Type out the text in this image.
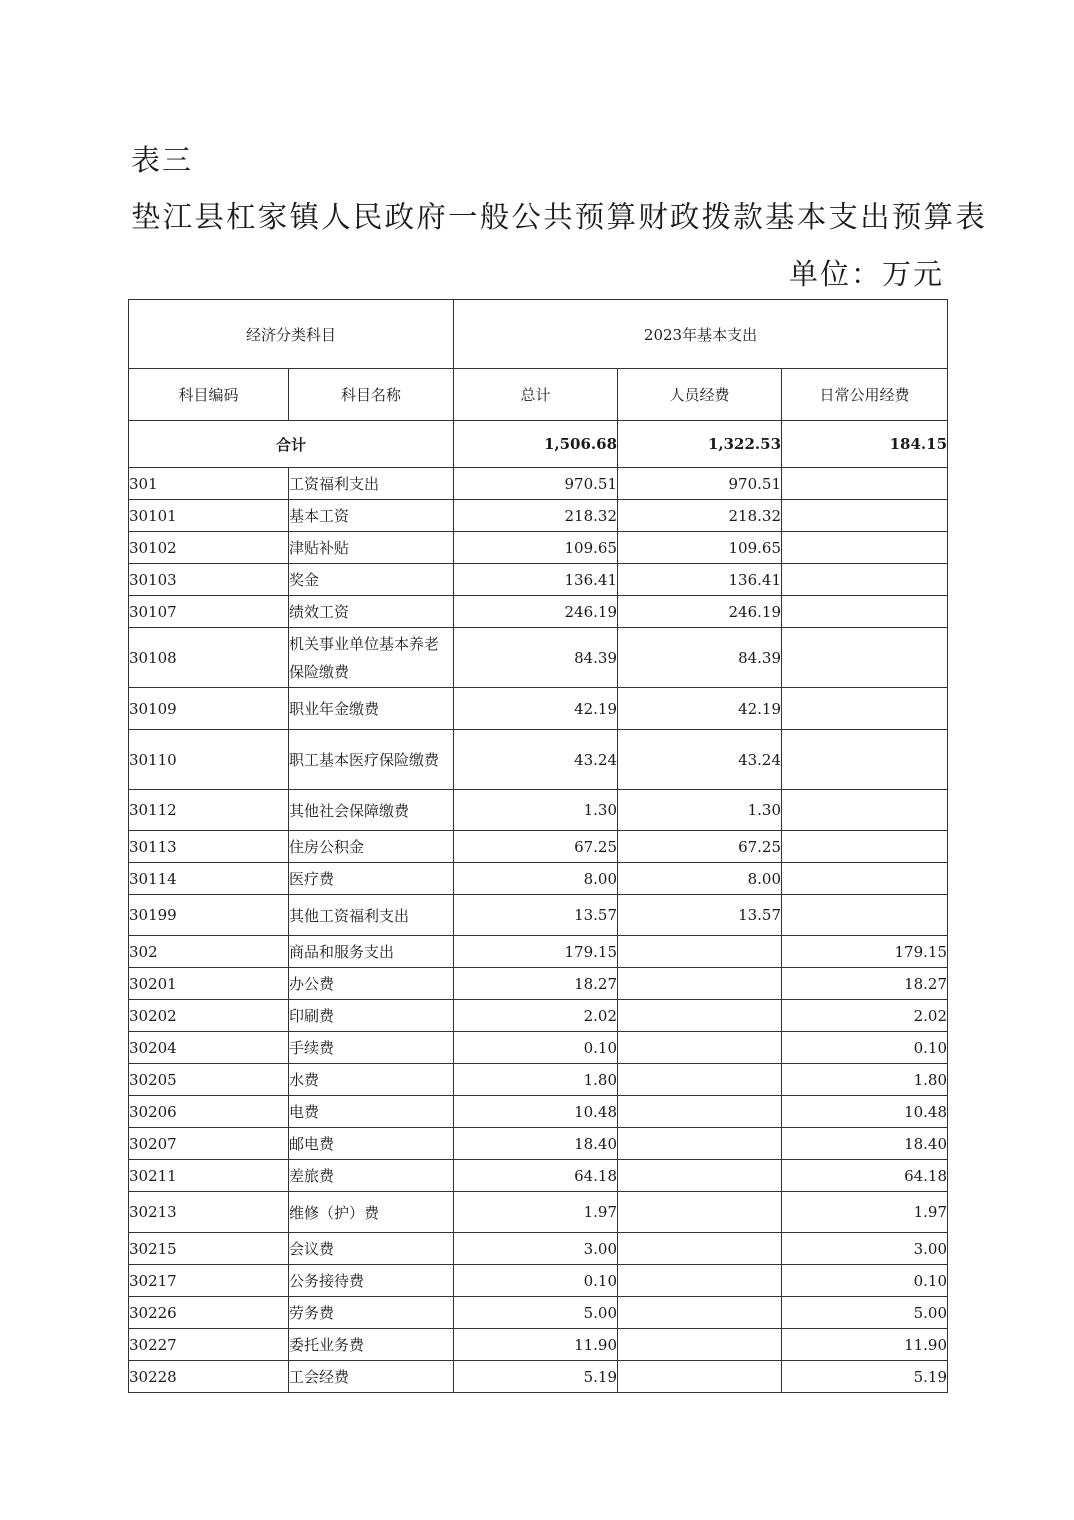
表三
垫江县杠家镇人民政府一般公共预算财政拨款基本支出预算表
单位：万元
经济分类科目		2023年基本支出		
科目编码	科目名称	总计	人员经费	日常公用经费
合计		1,506.68	1,322.53	184.15
301	工资福利支出	970.51	970.51	
30101	基本工资	218.32	218.32	
30102	津贴补贴	109.65	109.65	
30103	奖金	136.41	136.41	
30107	绩效工资	246.19	246.19	
30108	机关事业单位基本养老保险缴费	84.39	84.39	
30109	职业年金缴费	42.19	42.19	
30110	职工基本医疗保险缴费	43.24	43.24	
30112	其他社会保障缴费	1.30	1.30	
30113	住房公积金	67.25	67.25	
30114	医疗费	8.00	8.00	
30199	其他工资福利支出	13.57	13.57	
302	商品和服务支出	179.15		179.15
30201	办公费	18.27		18.27
30202	印刷费	2.02		2.02
30204	手续费	0.10		0.10
30205	水费	1.80		1.80
30206	电费	10.48		10.48
30207	邮电费	18.40		18.40
30211	差旅费	64.18		64.18
30213	维修（护）费	1.97		1.97
30215	会议费	3.00		3.00
30217	公务接待费	0.10		0.10
30226	劳务费	5.00		5.00
30227	委托业务费	11.90		11.90
30228	工会经费	5.19		5.19
